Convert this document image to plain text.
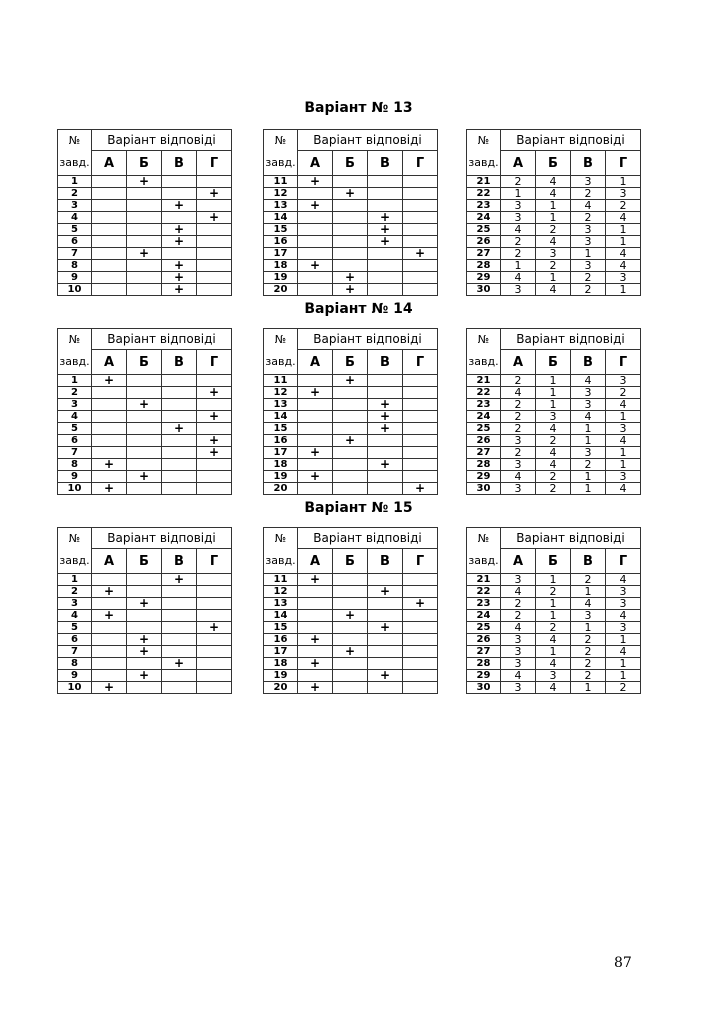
Варіант № 13
№	Варіант відповіді			
завд.	А	Б	В	Г
1		+		
2				+
3			+	
4				+
5			+	
6			+	
7		+		
8			+	
9			+	
10			+	
№	Варіант відповіді			
завд.	А	Б	В	Г
11	+			
12		+		
13	+			
14			+	
15			+	
16			+	
17				+
18	+			
19		+		
20		+		
№	Варіант відповіді			
завд.	А	Б	В	Г
21	2	4	3	1
22	1	4	2	3
23	3	1	4	2
24	3	1	2	4
25	4	2	3	1
26	2	4	3	1
27	2	3	1	4
28	1	2	3	4
29	4	1	2	3
30	3	4	2	1
Варіант № 14
№	Варіант відповіді			
завд.	А	Б	В	Г
1	+			
2				+
3		+		
4				+
5			+	
6				+
7				+
8	+			
9		+		
10	+			
№	Варіант відповіді			
завд.	А	Б	В	Г
11		+		
12	+			
13			+	
14			+	
15			+	
16		+		
17	+			
18			+	
19	+			
20				+
№	Варіант відповіді			
завд.	А	Б	В	Г
21	2	1	4	3
22	4	1	3	2
23	2	1	3	4
24	2	3	4	1
25	2	4	1	3
26	3	2	1	4
27	2	4	3	1
28	3	4	2	1
29	4	2	1	3
30	3	2	1	4
Варіант № 15
№	Варіант відповіді			
завд.	А	Б	В	Г
1			+	
2	+			
3		+		
4	+			
5				+
6		+		
7		+		
8			+	
9		+		
10	+			
№	Варіант відповіді			
завд.	А	Б	В	Г
11	+			
12			+	
13				+
14		+		
15			+	
16	+			
17		+		
18	+			
19			+	
20	+			
№	Варіант відповіді			
завд.	А	Б	В	Г
21	3	1	2	4
22	4	2	1	3
23	2	1	4	3
24	2	1	3	4
25	4	2	1	3
26	3	4	2	1
27	3	1	2	4
28	3	4	2	1
29	4	3	2	1
30	3	4	1	2
87
